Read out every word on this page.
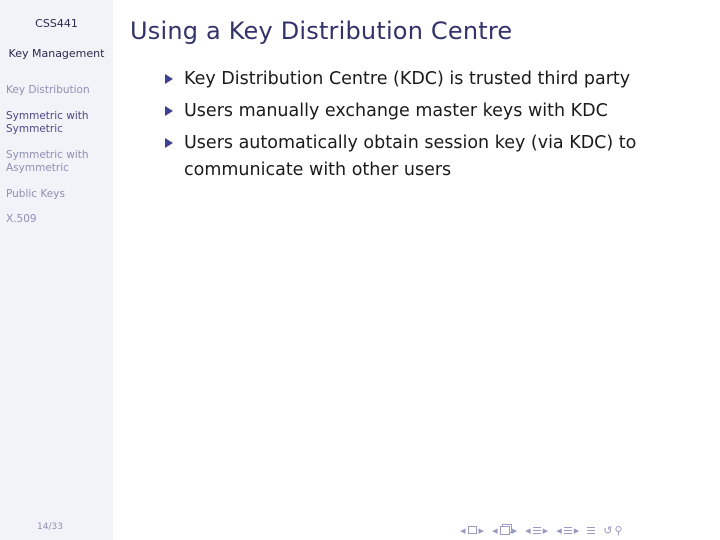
CSS441
Key Management
Key Distribution
Symmetric with
Symmetric
Symmetric with
Asymmetric
Public Keys
X.509
14/33
Using a Key Distribution Centre
Key Distribution Centre (KDC) is trusted third party
Users manually exchange master keys with KDC
Users automatically obtain session key (via KDC) to
communicate with other users
◂ ▸ ◂ ▸ ◂ ▸ ◂ ▸ ↺ ⚲
